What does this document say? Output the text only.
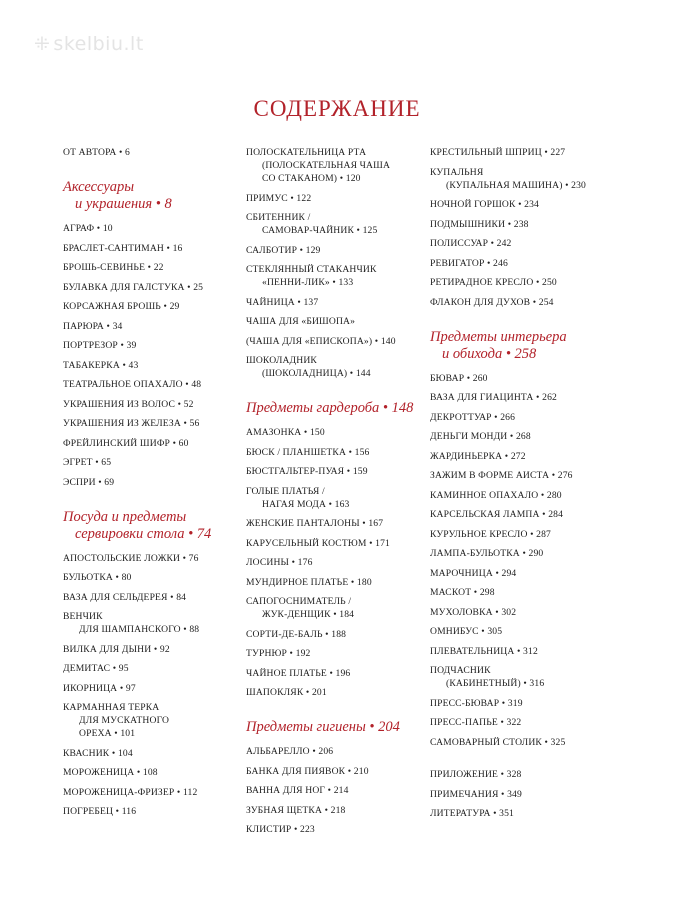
⁜ skelbiu.lt
СОДЕРЖАНИЕ
ОТ АВТОРА • 6
Аксессуары
и украшения • 8
АГРАФ • 10
БРАСЛЕТ-САНТИМАН • 16
БРОШЬ-СЕВИНЬЕ • 22
БУЛАВКА ДЛЯ ГАЛСТУКА • 25
КОРСАЖНАЯ БРОШЬ • 29
ПАРЮРА • 34
ПОРТРЕЗОР • 39
ТАБАКЕРКА • 43
ТЕАТРАЛЬНОЕ ОПАХАЛО • 48
УКРАШЕНИЯ ИЗ ВОЛОС • 52
УКРАШЕНИЯ ИЗ ЖЕЛЕЗА • 56
ФРЕЙЛИНСКИЙ ШИФР • 60
ЭГРЕТ • 65
ЭСПРИ • 69
Посуда и предметы
сервировки стола • 74
АПОСТОЛЬСКИЕ ЛОЖКИ • 76
БУЛЬОТКА • 80
ВАЗА ДЛЯ СЕЛЬДЕРЕЯ • 84
ВЕНЧИК
ДЛЯ ШАМПАНСКОГО • 88
ВИЛКА ДЛЯ ДЫНИ • 92
ДЕМИТАС • 95
ИКОРНИЦА • 97
КАРМАННАЯ ТЕРКА
ДЛЯ МУСКАТНОГО
ОРЕХА • 101
КВАСНИК • 104
МОРОЖЕНИЦА • 108
МОРОЖЕНИЦА-ФРИЗЕР • 112
ПОГРЕБЕЦ • 116
ПОЛОСКАТЕЛЬНИЦА РТА
(ПОЛОСКАТЕЛЬНАЯ ЧАША
СО СТАКАНОМ) • 120
ПРИМУС • 122
СБИТЕННИК /
САМОВАР-ЧАЙНИК • 125
САЛБОТИР • 129
СТЕКЛЯННЫЙ СТАКАНЧИК
«ПЕННИ-ЛИК» • 133
ЧАЙНИЦА • 137
ЧАША ДЛЯ «БИШОПА»
(ЧАША ДЛЯ «ЕПИСКОПА») • 140
ШОКОЛАДНИК
(ШОКОЛАДНИЦА) • 144
Предметы гардероба • 148
АМАЗОНКА • 150
БЮСК / ПЛАНШЕТКА • 156
БЮСТГАЛЬТЕР-ПУАЯ • 159
ГОЛЫЕ ПЛАТЬЯ /
НАГАЯ МОДА • 163
ЖЕНСКИЕ ПАНТАЛОНЫ • 167
КАРУСЕЛЬНЫЙ КОСТЮМ • 171
ЛОСИНЫ • 176
МУНДИРНОЕ ПЛАТЬЕ • 180
САПОГОСНИМАТЕЛЬ /
ЖУК-ДЕНЩИК • 184
СОРТИ-ДЕ-БАЛЬ • 188
ТУРНЮР • 192
ЧАЙНОЕ ПЛАТЬЕ • 196
ШАПОКЛЯК • 201
Предметы гигиены • 204
АЛЬБАРЕЛЛО • 206
БАНКА ДЛЯ ПИЯВОК • 210
ВАННА ДЛЯ НОГ • 214
ЗУБНАЯ ЩЕТКА • 218
КЛИСТИР • 223
КРЕСТИЛЬНЫЙ ШПРИЦ • 227
КУПАЛЬНЯ
(КУПАЛЬНАЯ МАШИНА) • 230
НОЧНОЙ ГОРШОК • 234
ПОДМЫШНИКИ • 238
ПОЛИССУАР • 242
РЕВИГАТОР • 246
РЕТИРАДНОЕ КРЕСЛО • 250
ФЛАКОН ДЛЯ ДУХОВ • 254
Предметы интерьера
и обихода • 258
БЮВАР • 260
ВАЗА ДЛЯ ГИАЦИНТА • 262
ДЕКРОТТУАР • 266
ДЕНЬГИ МОНДИ • 268
ЖАРДИНЬЕРКА • 272
ЗАЖИМ В ФОРМЕ АИСТА • 276
КАМИННОЕ ОПАХАЛО • 280
КАРСЕЛЬСКАЯ ЛАМПА • 284
КУРУЛЬНОЕ КРЕСЛО • 287
ЛАМПА-БУЛЬОТКА • 290
МАРОЧНИЦА • 294
МАСКОТ • 298
МУХОЛОВКА • 302
ОМНИБУС • 305
ПЛЕВАТЕЛЬНИЦА • 312
ПОДЧАСНИК
(КАБИНЕТНЫЙ) • 316
ПРЕСС-БЮВАР • 319
ПРЕСС-ПАПЬЕ • 322
САМОВАРНЫЙ СТОЛИК • 325
ПРИЛОЖЕНИЕ • 328
ПРИМЕЧАНИЯ • 349
ЛИТЕРАТУРА • 351
